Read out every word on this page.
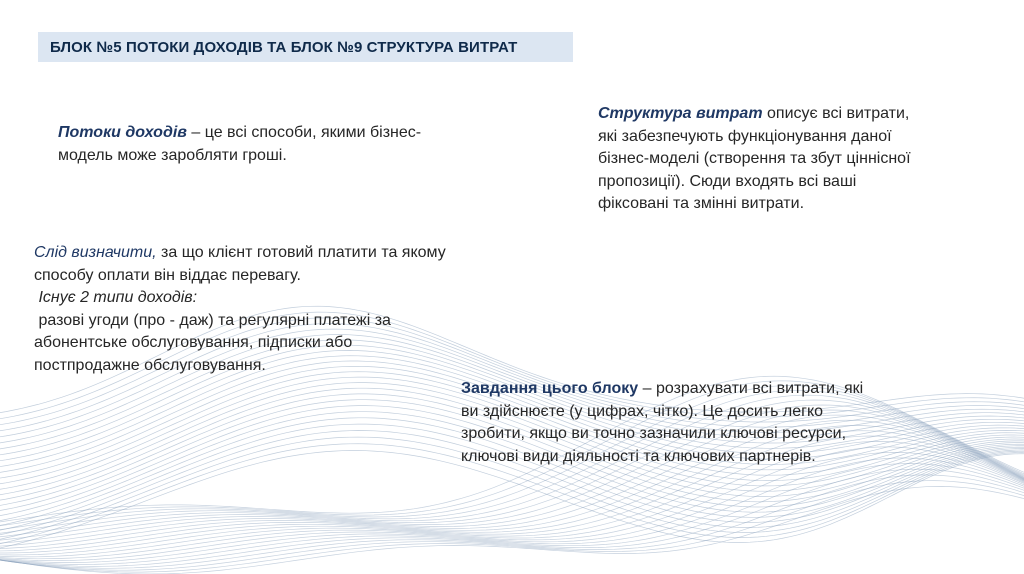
БЛОК №5 ПОТОКИ ДОХОДІВ ТА БЛОК №9 СТРУКТУРА ВИТРАТ

Потоки доходів – це всі способи, якими бізнес-
модель може заробляти гроші.

Структура витрат описує всі витрати,
які забезпечують функціонування даної
бізнес-моделі (створення та збут ціннісної
пропозиції). Сюди входять всі ваші
фіксовані та змінні витрати.

Слід визначити, за що клієнт готовий платити та якому
способу оплати він віддає перевагу.
Існує 2 типи доходів:
разові угоди (про - даж) та регулярні платежі за
абонентське обслуговування, підписки або
постпродажне обслуговування.

Завдання цього блоку – розрахувати всі витрати, які
ви здійснюєте (у цифрах, чітко). Це досить легко
зробити, якщо ви точно зазначили ключові ресурси,
ключові види діяльності та ключових партнерів.
